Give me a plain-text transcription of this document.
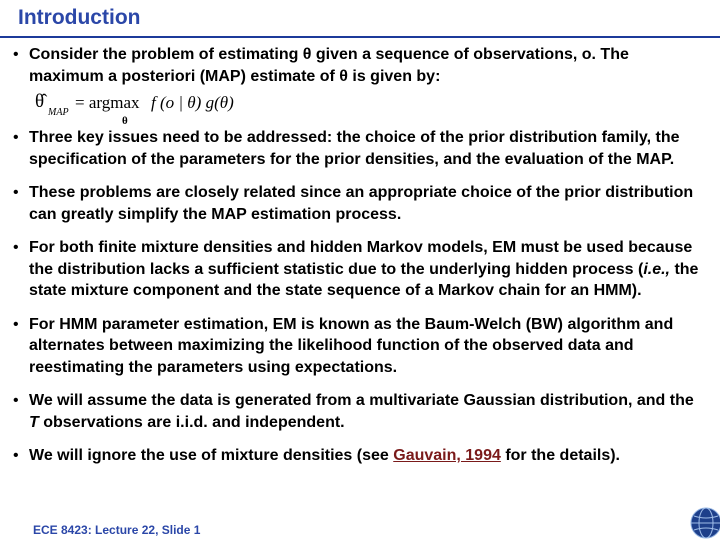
Introduction
• Consider the problem of estimating θ given a sequence of observations, o. The maximum a posteriori (MAP) estimate of θ is given by:
θ̂
MAP
= argmax f (o | θ) g(θ)
θ
• Three key issues need to be addressed: the choice of the prior distribution family, the specification of the parameters for the prior densities, and the evaluation of the MAP.
• These problems are closely related since an appropriate choice of the prior distribution can greatly simplify the MAP estimation process.
• For both finite mixture densities and hidden Markov models, EM must be used because the distribution lacks a sufficient statistic due to the underlying hidden process (i.e., the state mixture component and the state sequence of a Markov chain for an HMM).
• For HMM parameter estimation, EM is known as the Baum-Welch (BW) algorithm and alternates between maximizing the likelihood function of the observed data and reestimating the parameters using expectations.
• We will assume the data is generated from a multivariate Gaussian distribution, and the T observations are i.i.d. and independent.
• We will ignore the use of mixture densities (see Gauvain, 1994 for the details).
ECE 8423: Lecture 22, Slide 1
